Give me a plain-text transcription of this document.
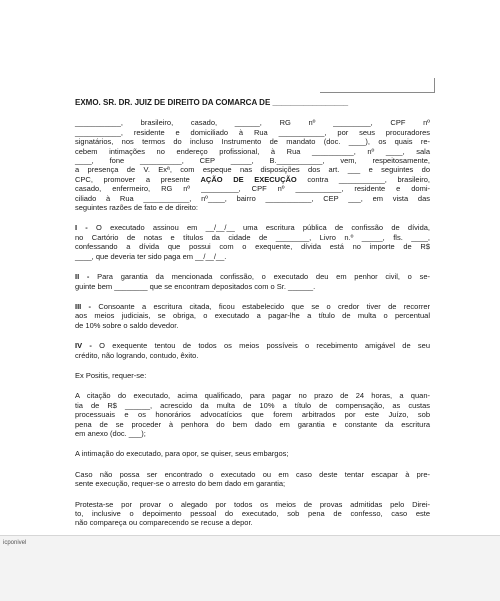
EXMO. SR. DR. JUIZ DE DIREITO DA COMARCA DE _________________
___________, brasileiro, casado, ______, RG nº _________, CPF nº
___________, residente e domiciliado à Rua ___________, por seus procuradores
signatários, nos termos do incluso Instrumento de mandato (doc. ____), os quais re-
cebem intimações no endereço profissional, à Rua __________, nº ____, sala
____, fone __________, CEP _____, B.___________, vem, respeitosamente,
a presença de V. Exª, com espeque nas disposições dos art. ___ e seguintes do
CPC, promover a presente AÇÃO DE EXECUÇÃO contra ___________, brasileiro,
casado, enfermeiro, RG nº _________, CPF nº ___________, residente e domi-
ciliado à Rua ___________, nº____, bairro ___________, CEP ___, em vista das
seguintes razões de fato e de direito:
I - O executado assinou em __/__/__ uma escritura pública de confissão de dívida,
no Cartório de notas e títulos da cidade de ________, Livro n.º _____, fls. ____,
confessando a dívida que possui com o exequente, dívida está no importe de R$
____, que deveria ter sido paga em __/__/__.
II - Para garantia da mencionada confissão, o executado deu em penhor civil, o se-
guinte bem ________ que se encontram depositados com o Sr. ______.
III - Consoante a escritura citada, ficou estabelecido que se o credor tiver de recorrer
aos meios judiciais, se obriga, o executado a pagar-lhe a título de multa o percentual
de 10% sobre o saldo devedor.
IV - O exequente tentou de todos os meios possíveis o recebimento amigável de seu
crédito, não logrando, contudo, êxito.
Ex Positis, requer-se:
A citação do executado, acima qualificado, para pagar no prazo de 24 horas, a quan-
tia de R$ ______, acrescido da multa de 10% a título de compensação, as custas
processuais e os honorários advocatícios que forem arbitrados por este Juízo, sob
pena de se proceder à penhora do bem dado em garantia e constante da escritura
em anexo (doc. ___);
A intimação do executado, para opor, se quiser, seus embargos;
Caso não possa ser encontrado o executado ou em caso deste tentar escapar à pre-
sente execução, requer-se o arresto do bem dado em garantia;
Protesta-se por provar o alegado por todos os meios de provas admitidas pelo Direi-
to, inclusive o depoimento pessoal do executado, sob pena de confesso, caso este
não compareça ou comparecendo se recuse a depor.
icponivel
